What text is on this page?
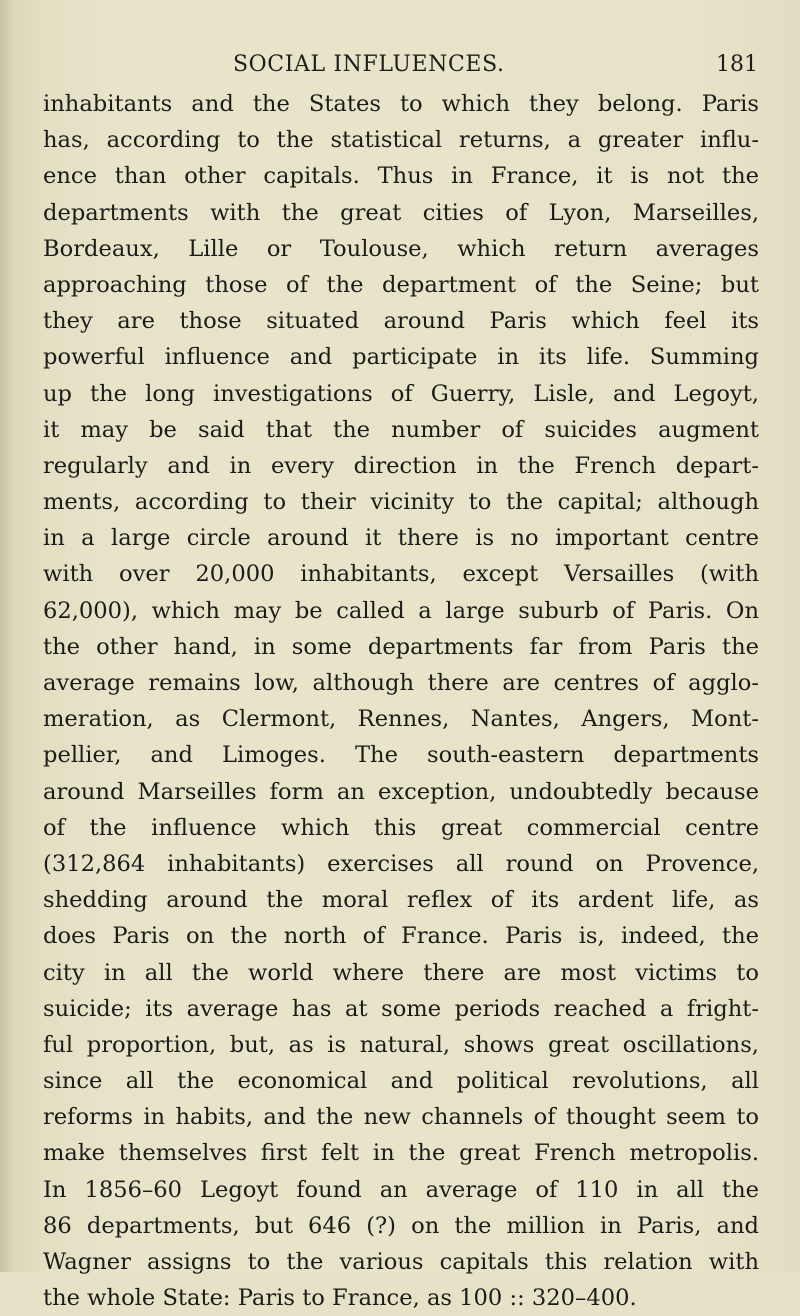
SOCIAL INFLUENCES.	181
inhabitants and the States to which they belong. Paris
has, according to the statistical returns, a greater influ-
ence than other capitals. Thus in France, it is not the
departments with the great cities of Lyon, Marseilles,
Bordeaux, Lille or Toulouse, which return averages
approaching those of the department of the Seine; but
they are those situated around Paris which feel its
powerful influence and participate in its life. Summing
up the long investigations of Guerry, Lisle, and Legoyt,
it may be said that the number of suicides augment
regularly and in every direction in the French depart-
ments, according to their vicinity to the capital; although
in a large circle around it there is no important centre
with over 20,000 inhabitants, except Versailles (with
62,000), which may be called a large suburb of Paris. On
the other hand, in some departments far from Paris the
average remains low, although there are centres of agglo-
meration, as Clermont, Rennes, Nantes, Angers, Mont-
pellier, and Limoges. The south-eastern departments
around Marseilles form an exception, undoubtedly because
of the influence which this great commercial centre
(312,864 inhabitants) exercises all round on Provence,
shedding around the moral reflex of its ardent life, as
does Paris on the north of France. Paris is, indeed, the
city in all the world where there are most victims to
suicide; its average has at some periods reached a fright-
ful proportion, but, as is natural, shows great oscillations,
since all the economical and political revolutions, all
reforms in habits, and the new channels of thought seem to
make themselves first felt in the great French metropolis.
In 1856–60 Legoyt found an average of 110 in all the
86 departments, but 646 (?) on the million in Paris, and
Wagner assigns to the various capitals this relation with
the whole State: Paris to France, as 100 :: 320–400.
